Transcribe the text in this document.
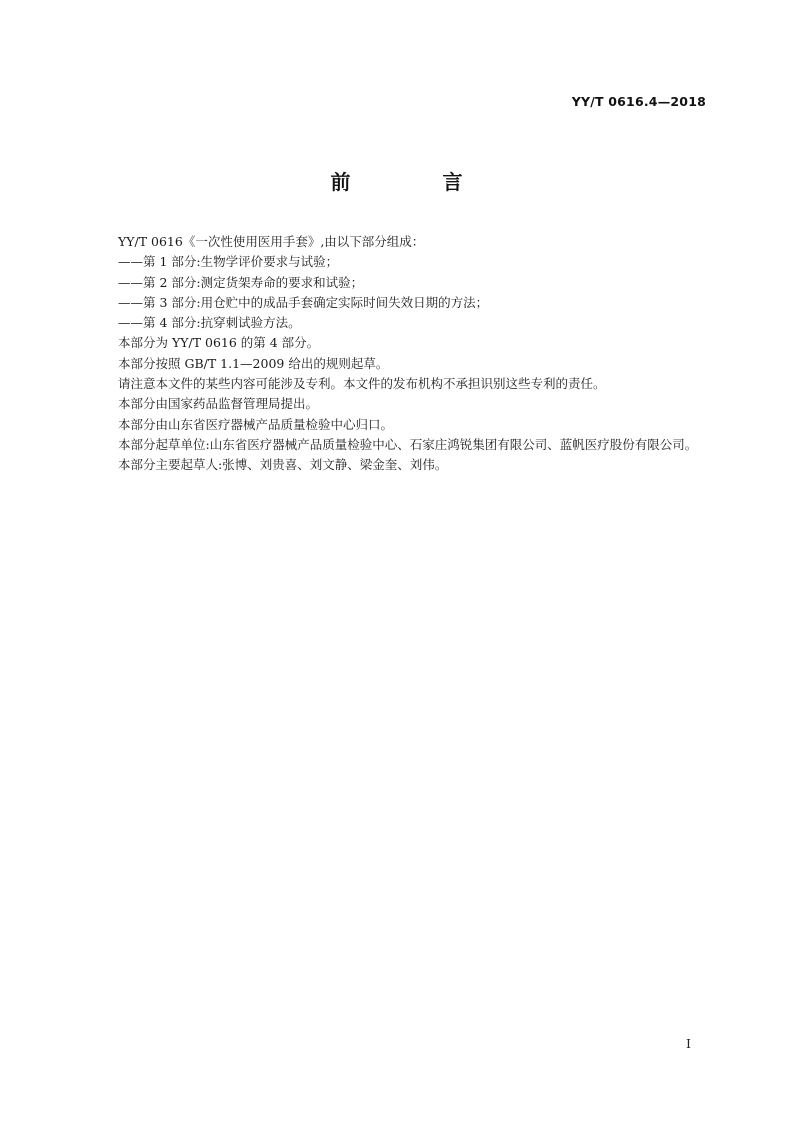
YY/T 0616.4—2018
前　言

YY/T 0616《一次性使用医用手套》,由以下部分组成：

——第 1 部分:生物学评价要求与试验；

——第 2 部分:测定货架寿命的要求和试验；

——第 3 部分:用仓贮中的成品手套确定实际时间失效日期的方法；

——第 4 部分:抗穿刺试验方法。

本部分为 YY/T 0616 的第 4 部分。

本部分按照 GB/T 1.1—2009 给出的规则起草。

请注意本文件的某些内容可能涉及专利。本文件的发布机构不承担识别这些专利的责任。

本部分由国家药品监督管理局提出。

本部分由山东省医疗器械产品质量检验中心归口。

本部分起草单位:山东省医疗器械产品质量检验中心、石家庄鸿锐集团有限公司、蓝帆医疗股份有限公司。

本部分主要起草人:张博、刘贵喜、刘文静、梁金奎、刘伟。

I
